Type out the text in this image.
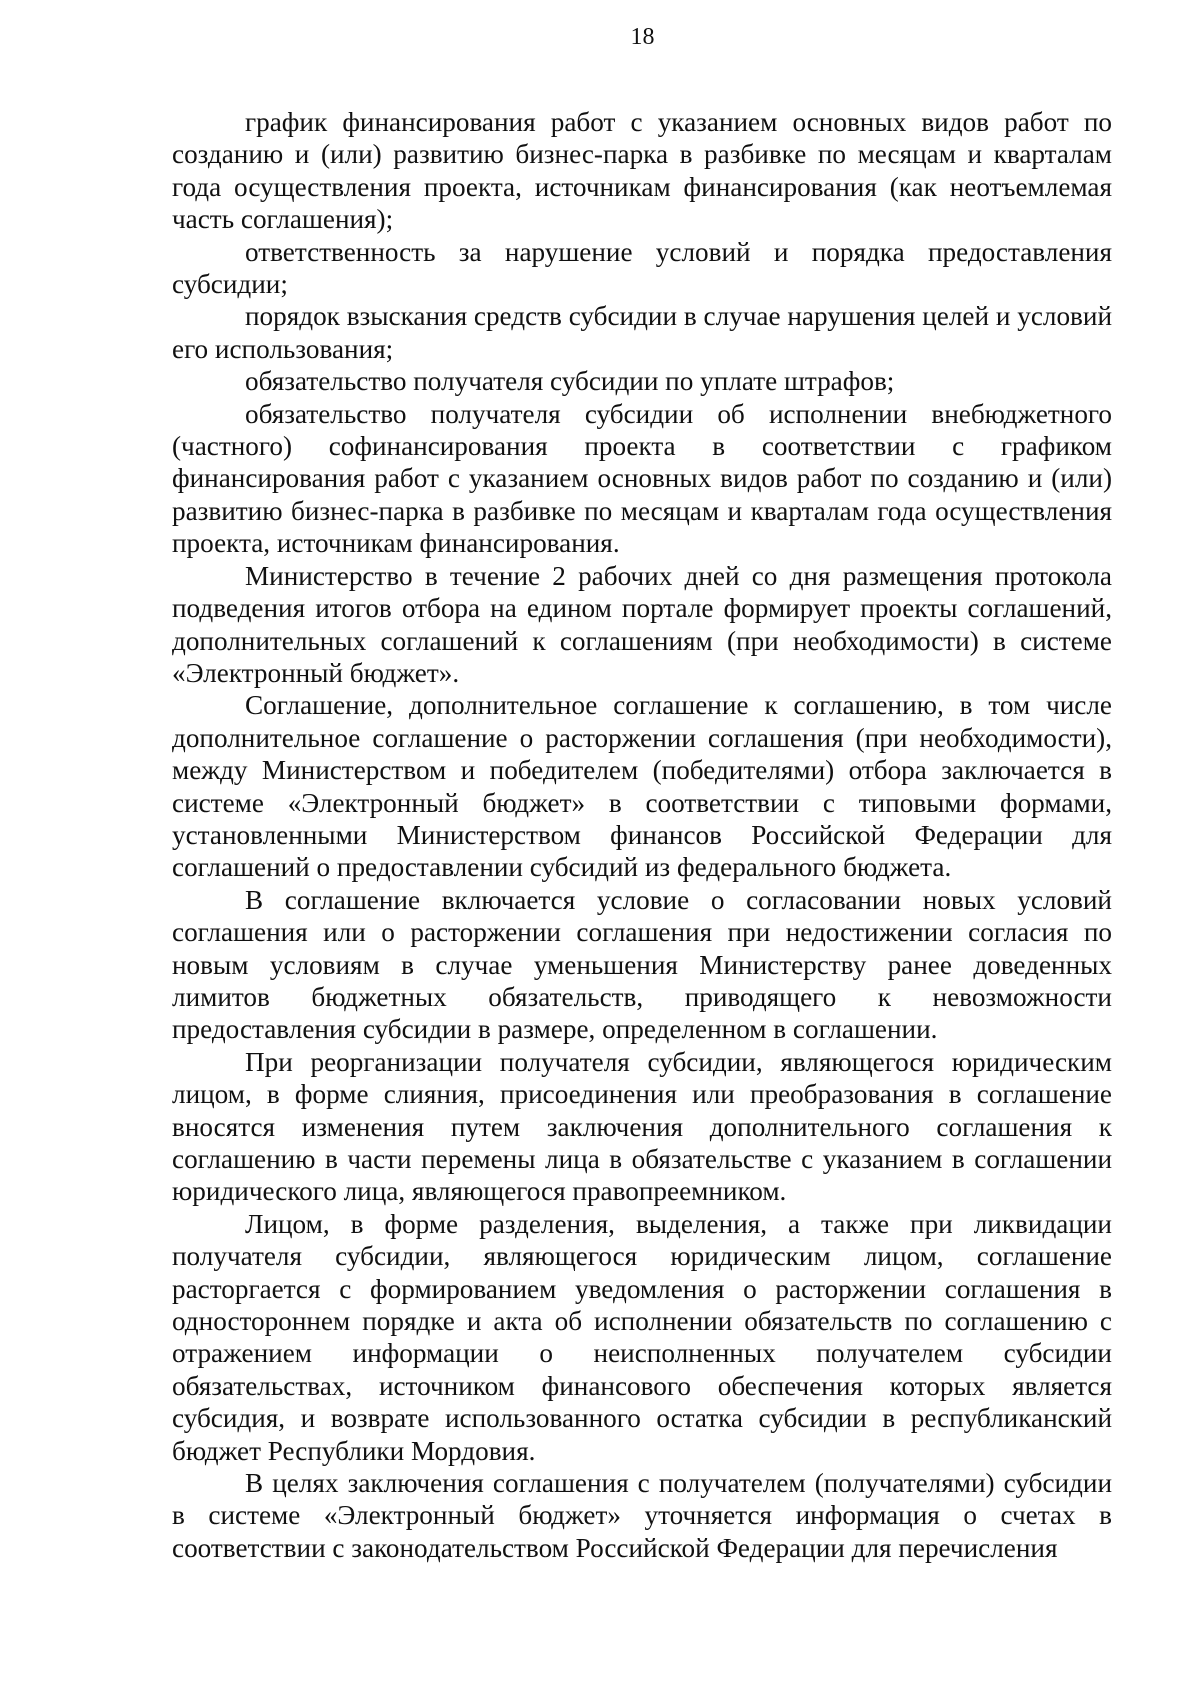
18

график финансирования работ с указанием основных видов работ по созданию и (или) развитию бизнес-парка в разбивке по месяцам и кварталам года осуществления проекта, источникам финансирования (как неотъемлемая часть соглашения);

ответственность за нарушение условий и порядка предоставления субсидии;

порядок взыскания средств субсидии в случае нарушения целей и условий его использования;

обязательство получателя субсидии по уплате штрафов;

обязательство получателя субсидии об исполнении внебюджетного (частного) софинансирования проекта в соответствии с графиком финансирования работ с указанием основных видов работ по созданию и (или) развитию бизнес-парка в разбивке по месяцам и кварталам года осуществления проекта, источникам финансирования.

Министерство в течение 2 рабочих дней со дня размещения протокола подведения итогов отбора на едином портале формирует проекты соглашений, дополнительных соглашений к соглашениям (при необходимости) в системе «Электронный бюджет».

Соглашение, дополнительное соглашение к соглашению, в том числе дополнительное соглашение о расторжении соглашения (при необходимости), между Министерством и победителем (победителями) отбора заключается в системе «Электронный бюджет» в соответствии с типовыми формами, установленными Министерством финансов Российской Федерации для соглашений о предоставлении субсидий из федерального бюджета.

В соглашение включается условие о согласовании новых условий соглашения или о расторжении соглашения при недостижении согласия по новым условиям в случае уменьшения Министерству ранее доведенных лимитов бюджетных обязательств, приводящего к невозможности предоставления субсидии в размере, определенном в соглашении.

При реорганизации получателя субсидии, являющегося юридическим лицом, в форме слияния, присоединения или преобразования в соглашение вносятся изменения путем заключения дополнительного соглашения к соглашению в части перемены лица в обязательстве с указанием в соглашении юридического лица, являющегося правопреемником.

Лицом, в форме разделения, выделения, а также при ликвидации получателя субсидии, являющегося юридическим лицом, соглашение расторгается с формированием уведомления о расторжении соглашения в одностороннем порядке и акта об исполнении обязательств по соглашению с отражением информации о неисполненных получателем субсидии обязательствах, источником финансового обеспечения которых является субсидия, и возврате использованного остатка субсидии в республиканский бюджет Республики Мордовия.

В целях заключения соглашения с получателем (получателями) субсидии в системе «Электронный бюджет» уточняется информация о счетах в соответствии с законодательством Российской Федерации для перечисления
